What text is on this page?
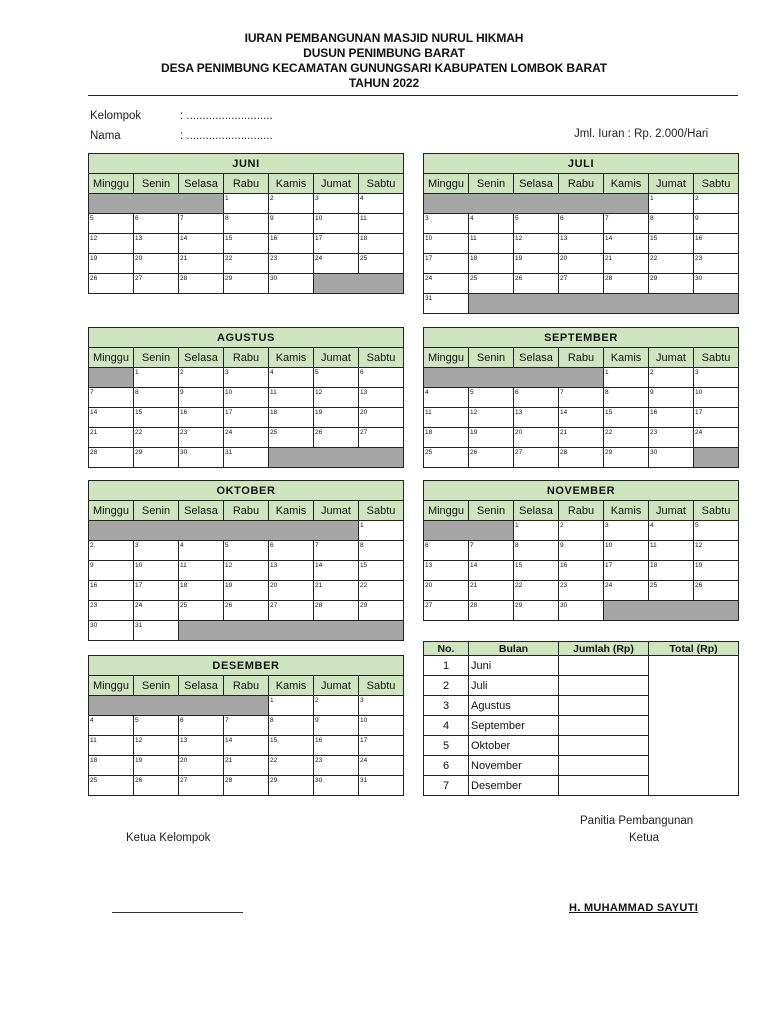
IURAN PEMBANGUNAN MASJID NURUL HIKMAH
DUSUN PENIMBUNG BARAT
DESA PENIMBUNG KECAMATAN GUNUNGSARI KABUPATEN LOMBOK BARAT
TAHUN 2022
Kelompok	: ...........................
Nama	: ...........................	Jml. Iuran : Rp. 2.000/Hari
JUNI						
Minggu	Senin	Selasa	Rabu	Kamis	Jumat	Sabtu
			1	2	3	4
5	6	7	8	9	10	11
12	13	14	15	16	17	18
19	20	21	22	23	24	25
26	27	28	29	30		
JULI						
Minggu	Senin	Selasa	Rabu	Kamis	Jumat	Sabtu
					1	2
3	4	5	6	7	8	9
10	11	12	13	14	15	16
17	18	19	20	21	22	23
24	25	26	27	28	29	30
31						
AGUSTUS						
Minggu	Senin	Selasa	Rabu	Kamis	Jumat	Sabtu
	1	2	3	4	5	6
7	8	9	10	11	12	13
14	15	16	17	18	19	20
21	22	23	24	25	26	27
28	29	30	31			
SEPTEMBER						
Minggu	Senin	Selasa	Rabu	Kamis	Jumat	Sabtu
				1	2	3
4	5	6	7	8	9	10
11	12	13	14	15	16	17
18	19	20	21	22	23	24
25	26	27	28	29	30	
OKTOBER						
Minggu	Senin	Selasa	Rabu	Kamis	Jumat	Sabtu
						1
2	3	4	5	6	7	8
9	10	11	12	13	14	15
16	17	18	19	20	21	22
23	24	25	26	27	28	29
30	31					
NOVEMBER						
Minggu	Senin	Selasa	Rabu	Kamis	Jumat	Sabtu
		1	2	3	4	5
6	7	8	9	10	11	12
13	14	15	16	17	18	19
20	21	22	23	24	25	26
27	28	29	30			
DESEMBER						
Minggu	Senin	Selasa	Rabu	Kamis	Jumat	Sabtu
				1	2	3
4	5	6	7	8	9	10
11	12	13	14	15	16	17
18	19	20	21	22	23	24
25	26	27	28	29	30	31
No.	Bulan	Jumlah (Rp)	Total (Rp)
1	Juni		
2	Juli		
3	Agustus		
4	September		
5	Oktober		
6	November		
7	Desember		
Panitia Pembangunan
Ketua
Ketua Kelompok
H. MUHAMMAD SAYUTI
